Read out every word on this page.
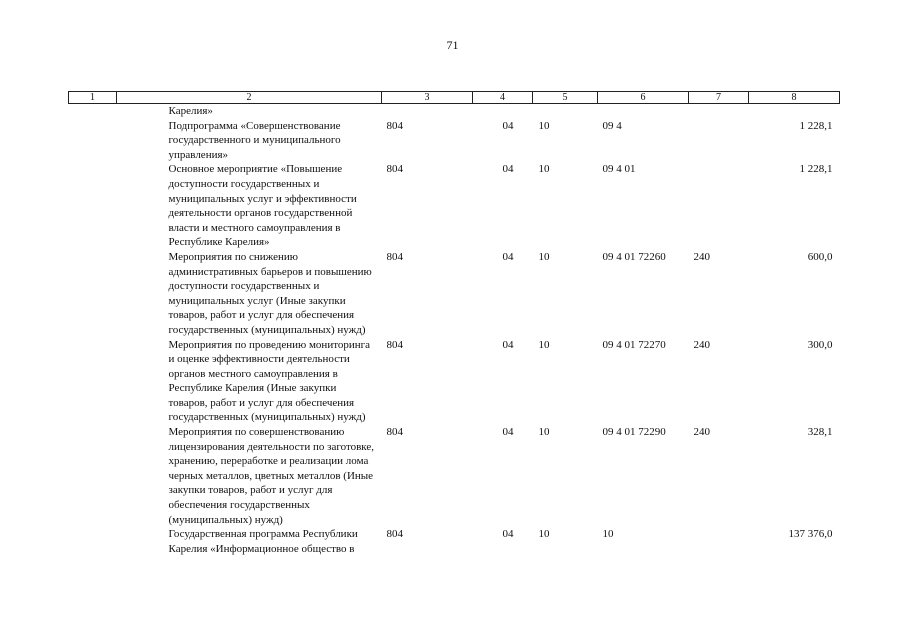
71
1	2	3	4	5	6	7	8
	Карелия»						
	Подпрограмма «Совершенствование государственного и муниципального управления»	804	04	10	09 4		1 228,1
	Основное мероприятие «Повышение доступности государственных и муниципальных услуг и эффективности деятельности органов государственной власти и местного самоуправления в Республике Карелия»	804	04	10	09 4 01		1 228,1
	Мероприятия по снижению административных барьеров и повышению доступности государственных и муниципальных услуг (Иные закупки товаров, работ и услуг для обеспечения государственных (муниципальных) нужд)	804	04	10	09 4 01 72260	240	600,0
	Мероприятия по проведению мониторинга и оценке эффективности деятельности органов местного самоуправления в Республике Карелия (Иные закупки товаров, работ и услуг для обеспечения государственных (муниципальных) нужд)	804	04	10	09 4 01 72270	240	300,0
	Мероприятия по совершенствованию лицензирования деятельности по заготовке, хранению, переработке и реализации лома черных металлов, цветных металлов (Иные закупки товаров, работ и услуг для обеспечения государственных (муниципальных) нужд)	804	04	10	09 4 01 72290	240	328,1
	Государственная программа Республики Карелия «Информационное общество в	804	04	10	10		137 376,0
